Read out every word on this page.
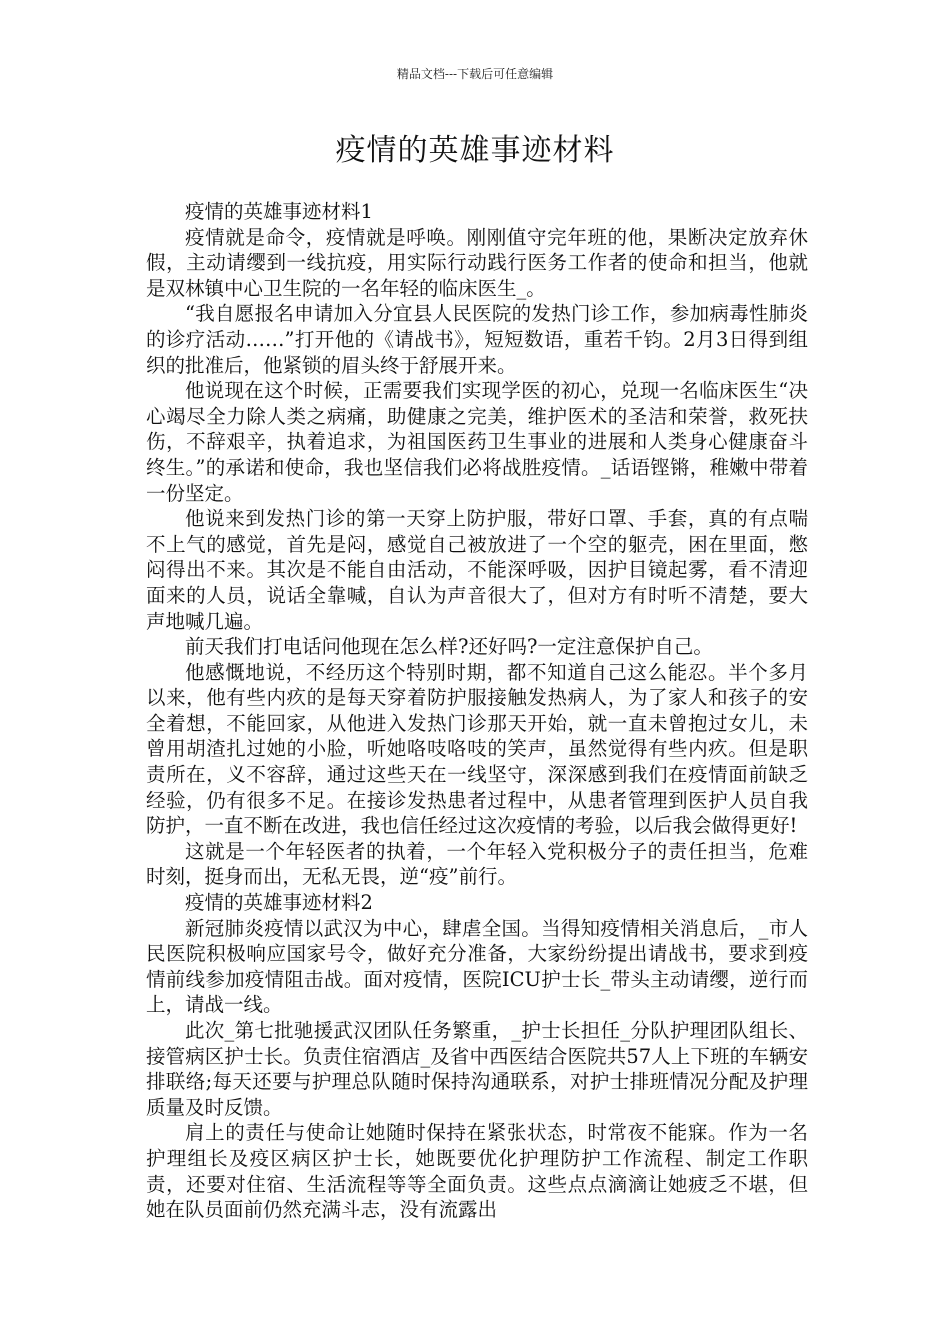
精品文档---下载后可任意编辑
疫情的英雄事迹材料

疫情的英雄事迹材料1

疫情就是命令，疫情就是呼唤。刚刚值守完年班的他，果断决定放弃休假，主动请缨到一线抗疫，用实际行动践行医务工作者的使命和担当，他就是双林镇中心卫生院的一名年轻的临床医生_。

“我自愿报名申请加入分宜县人民医院的发热门诊工作，参加病毒性肺炎的诊疗活动……”打开他的《请战书》，短短数语，重若千钧。2月3日得到组织的批准后，他紧锁的眉头终于舒展开来。

他说现在这个时候，正需要我们实现学医的初心，兑现一名临床医生“决心竭尽全力除人类之病痛，助健康之完美，维护医术的圣洁和荣誉，救死扶伤，不辞艰辛，执着追求，为祖国医药卫生事业的进展和人类身心健康奋斗终生。”的承诺和使命，我也坚信我们必将战胜疫情。_话语铿锵，稚嫩中带着一份坚定。

他说来到发热门诊的第一天穿上防护服，带好口罩、手套，真的有点喘不上气的感觉，首先是闷，感觉自己被放进了一个空的躯壳，困在里面，憋闷得出不来。其次是不能自由活动，不能深呼吸，因护目镜起雾，看不清迎面来的人员，说话全靠喊，自认为声音很大了，但对方有时听不清楚，要大声地喊几遍。

前天我们打电话问他现在怎么样?还好吗?一定注意保护自己。

他感慨地说，不经历这个特别时期，都不知道自己这么能忍。半个多月以来，他有些内疚的是每天穿着防护服接触发热病人，为了家人和孩子的安全着想，不能回家，从他进入发热门诊那天开始，就一直未曾抱过女儿，未曾用胡渣扎过她的小脸，听她咯吱咯吱的笑声，虽然觉得有些内疚。但是职责所在，义不容辞，通过这些天在一线坚守，深深感到我们在疫情面前缺乏经验，仍有很多不足。在接诊发热患者过程中，从患者管理到医护人员自我防护，一直不断在改进，我也信任经过这次疫情的考验，以后我会做得更好!

这就是一个年轻医者的执着，一个年轻入党积极分子的责任担当，危难时刻，挺身而出，无私无畏，逆“疫”前行。

疫情的英雄事迹材料2

新冠肺炎疫情以武汉为中心，肆虐全国。当得知疫情相关消息后，_市人民医院积极响应国家号令，做好充分准备，大家纷纷提出请战书，要求到疫情前线参加疫情阻击战。面对疫情，医院ICU护士长_带头主动请缨，逆行而上，请战一线。

此次_第七批驰援武汉团队任务繁重，_护士长担任_分队护理团队组长、接管病区护士长。负责住宿酒店_及省中西医结合医院共57人上下班的车辆安排联络;每天还要与护理总队随时保持沟通联系，对护士排班情况分配及护理质量及时反馈。

肩上的责任与使命让她随时保持在紧张状态，时常夜不能寐。作为一名护理组长及疫区病区护士长，她既要优化护理防护工作流程、制定工作职责，还要对住宿、生活流程等等全面负责。这些点点滴滴让她疲乏不堪，但她在队员面前仍然充满斗志，没有流露出
